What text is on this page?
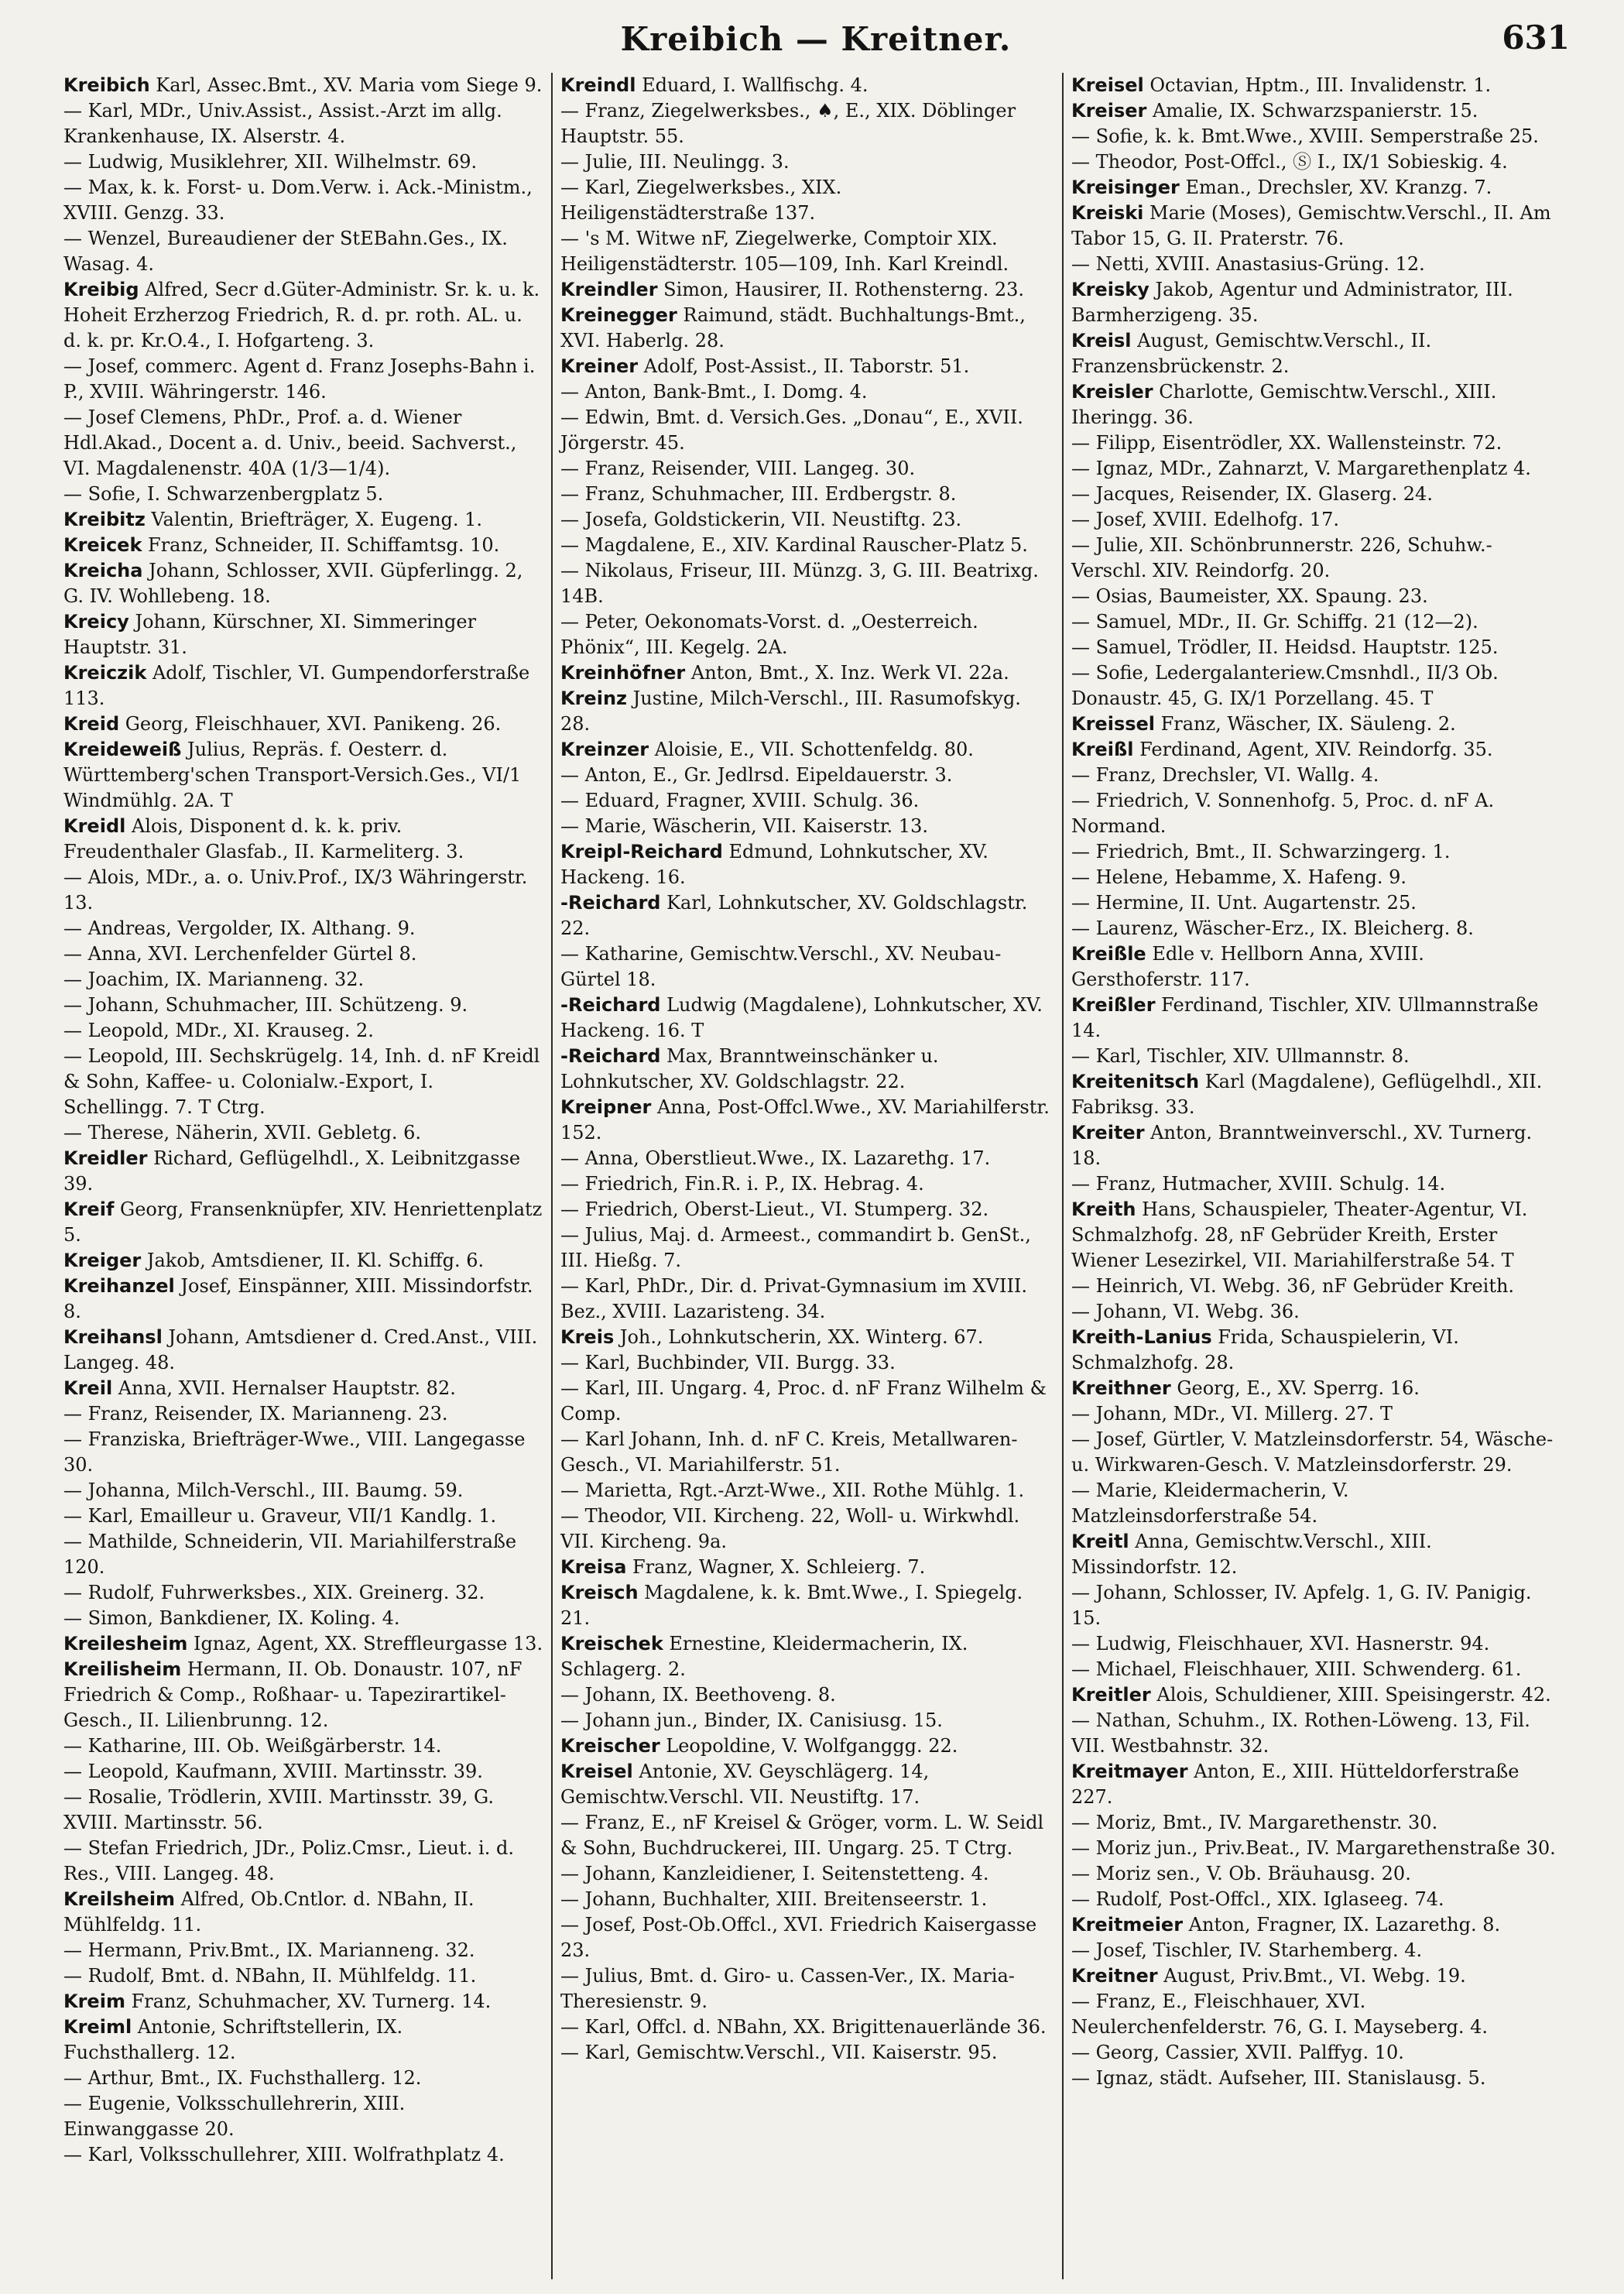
Kreibich — Kreitner.	631

Kreibich Karl, Assec.Bmt., XV. Maria vom Siege 9.

— Karl, MDr., Univ.Assist., Assist.-Arzt im allg. Krankenhause, IX. Alserstr. 4.

— Ludwig, Musiklehrer, XII. Wilhelmstr. 69.

— Max, k. k. Forst- u. Dom.Verw. i. Ack.-Ministm., XVIII. Genzg. 33.

— Wenzel, Bureaudiener der StEBahn.Ges., IX. Wasag. 4.

Kreibig Alfred, Secr d.Güter-Administr. Sr. k. u. k. Hoheit Erzherzog Friedrich, R. d. pr. roth. AL. u. d. k. pr. Kr.O.4., I. Hofgarteng. 3.

— Josef, commerc. Agent d. Franz Josephs-Bahn i. P., XVIII. Währingerstr. 146.

— Josef Clemens, PhDr., Prof. a. d. Wiener Hdl.Akad., Docent a. d. Univ., beeid. Sachverst., VI. Magdalenenstr. 40A (1/3—1/4).

— Sofie, I. Schwarzenbergplatz 5.

Kreibitz Valentin, Briefträger, X. Eugeng. 1.

Kreicek Franz, Schneider, II. Schiffamtsg. 10.

Kreicha Johann, Schlosser, XVII. Güpferlingg. 2, G. IV. Wohllebeng. 18.

Kreicy Johann, Kürschner, XI. Simmeringer Hauptstr. 31.

Kreiczik Adolf, Tischler, VI. Gumpendorferstraße 113.

Kreid Georg, Fleischhauer, XVI. Panikeng. 26.

Kreideweiß Julius, Repräs. f. Oesterr. d. Württemberg'schen Transport-Versich.Ges., VI/1 Windmühlg. 2A. T

Kreidl Alois, Disponent d. k. k. priv. Freudenthaler Glasfab., II. Karmeliterg. 3.

— Alois, MDr., a. o. Univ.Prof., IX/3 Währingerstr. 13.

— Andreas, Vergolder, IX. Althang. 9.

— Anna, XVI. Lerchenfelder Gürtel 8.

— Joachim, IX. Marianneng. 32.

— Johann, Schuhmacher, III. Schützeng. 9.

— Leopold, MDr., XI. Krauseg. 2.

— Leopold, III. Sechskrügelg. 14, Inh. d. nF Kreidl & Sohn, Kaffee- u. Colonialw.-Export, I. Schellingg. 7. T Ctrg.

— Therese, Näherin, XVII. Gebletg. 6.

Kreidler Richard, Geflügelhdl., X. Leibnitzgasse 39.

Kreif Georg, Fransenknüpfer, XIV. Henriettenplatz 5.

Kreiger Jakob, Amtsdiener, II. Kl. Schiffg. 6.

Kreihanzel Josef, Einspänner, XIII. Missindorfstr. 8.

Kreihansl Johann, Amtsdiener d. Cred.Anst., VIII. Langeg. 48.

Kreil Anna, XVII. Hernalser Hauptstr. 82.

— Franz, Reisender, IX. Marianneng. 23.

— Franziska, Briefträger-Wwe., VIII. Langegasse 30.

— Johanna, Milch-Verschl., III. Baumg. 59.

— Karl, Emailleur u. Graveur, VII/1 Kandlg. 1.

— Mathilde, Schneiderin, VII. Mariahilferstraße 120.

— Rudolf, Fuhrwerksbes., XIX. Greinerg. 32.

— Simon, Bankdiener, IX. Koling. 4.

Kreilesheim Ignaz, Agent, XX. Streffleurgasse 13.

Kreilisheim Hermann, II. Ob. Donaustr. 107, nF Friedrich & Comp., Roßhaar- u. Tapezirartikel-Gesch., II. Lilienbrunng. 12.

— Katharine, III. Ob. Weißgärberstr. 14.

— Leopold, Kaufmann, XVIII. Martinsstr. 39.

— Rosalie, Trödlerin, XVIII. Martinsstr. 39, G. XVIII. Martinsstr. 56.

— Stefan Friedrich, JDr., Poliz.Cmsr., Lieut. i. d. Res., VIII. Langeg. 48.

Kreilsheim Alfred, Ob.Cntlor. d. NBahn, II. Mühlfeldg. 11.

— Hermann, Priv.Bmt., IX. Marianneng. 32.

— Rudolf, Bmt. d. NBahn, II. Mühlfeldg. 11.

Kreim Franz, Schuhmacher, XV. Turnerg. 14.

Kreiml Antonie, Schriftstellerin, IX. Fuchsthallerg. 12.

— Arthur, Bmt., IX. Fuchsthallerg. 12.

— Eugenie, Volksschullehrerin, XIII. Einwanggasse 20.

— Karl, Volksschullehrer, XIII. Wolfrathplatz 4.

Kreindl Eduard, I. Wallfischg. 4.

— Franz, Ziegelwerksbes., ♠, E., XIX. Döblinger Hauptstr. 55.

— Julie, III. Neulingg. 3.

— Karl, Ziegelwerksbes., XIX. Heiligenstädterstraße 137.

— 's M. Witwe nF, Ziegelwerke, Comptoir XIX. Heiligenstädterstr. 105—109, Inh. Karl Kreindl.

Kreindler Simon, Hausirer, II. Rothensterng. 23.

Kreinegger Raimund, städt. Buchhaltungs-Bmt., XVI. Haberlg. 28.

Kreiner Adolf, Post-Assist., II. Taborstr. 51.

— Anton, Bank-Bmt., I. Domg. 4.

— Edwin, Bmt. d. Versich.Ges. „Donau“, E., XVII. Jörgerstr. 45.

— Franz, Reisender, VIII. Langeg. 30.

— Franz, Schuhmacher, III. Erdbergstr. 8.

— Josefa, Goldstickerin, VII. Neustiftg. 23.

— Magdalene, E., XIV. Kardinal Rauscher-Platz 5.

— Nikolaus, Friseur, III. Münzg. 3, G. III. Beatrixg. 14B.

— Peter, Oekonomats-Vorst. d. „Oesterreich. Phönix“, III. Kegelg. 2A.

Kreinhöfner Anton, Bmt., X. Inz. Werk VI. 22a.

Kreinz Justine, Milch-Verschl., III. Rasumofskyg. 28.

Kreinzer Aloisie, E., VII. Schottenfeldg. 80.

— Anton, E., Gr. Jedlrsd. Eipeldauerstr. 3.

— Eduard, Fragner, XVIII. Schulg. 36.

— Marie, Wäscherin, VII. Kaiserstr. 13.

Kreipl-Reichard Edmund, Lohnkutscher, XV. Hackeng. 16.

-Reichard Karl, Lohnkutscher, XV. Goldschlagstr. 22.

— Katharine, Gemischtw.Verschl., XV. Neubau-Gürtel 18.

-Reichard Ludwig (Magdalene), Lohnkutscher, XV. Hackeng. 16. T

-Reichard Max, Branntweinschänker u. Lohnkutscher, XV. Goldschlagstr. 22.

Kreipner Anna, Post-Offcl.Wwe., XV. Mariahilferstr. 152.

— Anna, Oberstlieut.Wwe., IX. Lazarethg. 17.

— Friedrich, Fin.R. i. P., IX. Hebrag. 4.

— Friedrich, Oberst-Lieut., VI. Stumperg. 32.

— Julius, Maj. d. Armeest., commandirt b. GenSt., III. Hießg. 7.

— Karl, PhDr., Dir. d. Privat-Gymnasium im XVIII. Bez., XVIII. Lazaristeng. 34.

Kreis Joh., Lohnkutscherin, XX. Winterg. 67.

— Karl, Buchbinder, VII. Burgg. 33.

— Karl, III. Ungarg. 4, Proc. d. nF Franz Wilhelm & Comp.

— Karl Johann, Inh. d. nF C. Kreis, Metallwaren-Gesch., VI. Mariahilferstr. 51.

— Marietta, Rgt.-Arzt-Wwe., XII. Rothe Mühlg. 1.

— Theodor, VII. Kircheng. 22, Woll- u. Wirkwhdl. VII. Kircheng. 9a.

Kreisa Franz, Wagner, X. Schleierg. 7.

Kreisch Magdalene, k. k. Bmt.Wwe., I. Spiegelg. 21.

Kreischek Ernestine, Kleidermacherin, IX. Schlagerg. 2.

— Johann, IX. Beethoveng. 8.

— Johann jun., Binder, IX. Canisiusg. 15.

Kreischer Leopoldine, V. Wolfganggg. 22.

Kreisel Antonie, XV. Geyschlägerg. 14, Gemischtw.Verschl. VII. Neustiftg. 17.

— Franz, E., nF Kreisel & Gröger, vorm. L. W. Seidl & Sohn, Buchdruckerei, III. Ungarg. 25. T Ctrg.

— Johann, Kanzleidiener, I. Seitenstetteng. 4.

— Johann, Buchhalter, XIII. Breitenseerstr. 1.

— Josef, Post-Ob.Offcl., XVI. Friedrich Kaisergasse 23.

— Julius, Bmt. d. Giro- u. Cassen-Ver., IX. Maria-Theresienstr. 9.

— Karl, Offcl. d. NBahn, XX. Brigittenauerlände 36.

— Karl, Gemischtw.Verschl., VII. Kaiserstr. 95.

Kreisel Octavian, Hptm., III. Invalidenstr. 1.

Kreiser Amalie, IX. Schwarzspanierstr. 15.

— Sofie, k. k. Bmt.Wwe., XVIII. Semperstraße 25.

— Theodor, Post-Offcl., Ⓢ I., IX/1 Sobieskig. 4.

Kreisinger Eman., Drechsler, XV. Kranzg. 7.

Kreiski Marie (Moses), Gemischtw.Verschl., II. Am Tabor 15, G. II. Praterstr. 76.

— Netti, XVIII. Anastasius-Grüng. 12.

Kreisky Jakob, Agentur und Administrator, III. Barmherzigeng. 35.

Kreisl August, Gemischtw.Verschl., II. Franzensbrückenstr. 2.

Kreisler Charlotte, Gemischtw.Verschl., XIII. Iheringg. 36.

— Filipp, Eisentrödler, XX. Wallensteinstr. 72.

— Ignaz, MDr., Zahnarzt, V. Margarethenplatz 4.

— Jacques, Reisender, IX. Glaserg. 24.

— Josef, XVIII. Edelhofg. 17.

— Julie, XII. Schönbrunnerstr. 226, Schuhw.-Verschl. XIV. Reindorfg. 20.

— Osias, Baumeister, XX. Spaung. 23.

— Samuel, MDr., II. Gr. Schiffg. 21 (12—2).

— Samuel, Trödler, II. Heidsd. Hauptstr. 125.

— Sofie, Ledergalanteriew.Cmsnhdl., II/3 Ob. Donaustr. 45, G. IX/1 Porzellang. 45. T

Kreissel Franz, Wäscher, IX. Säuleng. 2.

Kreißl Ferdinand, Agent, XIV. Reindorfg. 35.

— Franz, Drechsler, VI. Wallg. 4.

— Friedrich, V. Sonnenhofg. 5, Proc. d. nF A. Normand.

— Friedrich, Bmt., II. Schwarzingerg. 1.

— Helene, Hebamme, X. Hafeng. 9.

— Hermine, II. Unt. Augartenstr. 25.

— Laurenz, Wäscher-Erz., IX. Bleicherg. 8.

Kreißle Edle v. Hellborn Anna, XVIII. Gersthoferstr. 117.

Kreißler Ferdinand, Tischler, XIV. Ullmannstraße 14.

— Karl, Tischler, XIV. Ullmannstr. 8.

Kreitenitsch Karl (Magdalene), Geflügelhdl., XII. Fabriksg. 33.

Kreiter Anton, Branntweinverschl., XV. Turnerg. 18.

— Franz, Hutmacher, XVIII. Schulg. 14.

Kreith Hans, Schauspieler, Theater-Agentur, VI. Schmalzhofg. 28, nF Gebrüder Kreith, Erster Wiener Lesezirkel, VII. Mariahilferstraße 54. T

— Heinrich, VI. Webg. 36, nF Gebrüder Kreith.

— Johann, VI. Webg. 36.

Kreith-Lanius Frida, Schauspielerin, VI. Schmalzhofg. 28.

Kreithner Georg, E., XV. Sperrg. 16.

— Johann, MDr., VI. Millerg. 27. T

— Josef, Gürtler, V. Matzleinsdorferstr. 54, Wäsche- u. Wirkwaren-Gesch. V. Matzleinsdorferstr. 29.

— Marie, Kleidermacherin, V. Matzleinsdorferstraße 54.

Kreitl Anna, Gemischtw.Verschl., XIII. Missindorfstr. 12.

— Johann, Schlosser, IV. Apfelg. 1, G. IV. Panigig. 15.

— Ludwig, Fleischhauer, XVI. Hasnerstr. 94.

— Michael, Fleischhauer, XIII. Schwenderg. 61.

Kreitler Alois, Schuldiener, XIII. Speisingerstr. 42.

— Nathan, Schuhm., IX. Rothen-Löweng. 13, Fil. VII. Westbahnstr. 32.

Kreitmayer Anton, E., XIII. Hütteldorferstraße 227.

— Moriz, Bmt., IV. Margarethenstr. 30.

— Moriz jun., Priv.Beat., IV. Margarethenstraße 30.

— Moriz sen., V. Ob. Bräuhausg. 20.

— Rudolf, Post-Offcl., XIX. Iglaseeg. 74.

Kreitmeier Anton, Fragner, IX. Lazarethg. 8.

— Josef, Tischler, IV. Starhemberg. 4.

Kreitner August, Priv.Bmt., VI. Webg. 19.

— Franz, E., Fleischhauer, XVI. Neulerchenfelderstr. 76, G. I. Mayseberg. 4.

— Georg, Cassier, XVII. Palffyg. 10.

— Ignaz, städt. Aufseher, III. Stanislausg. 5.
